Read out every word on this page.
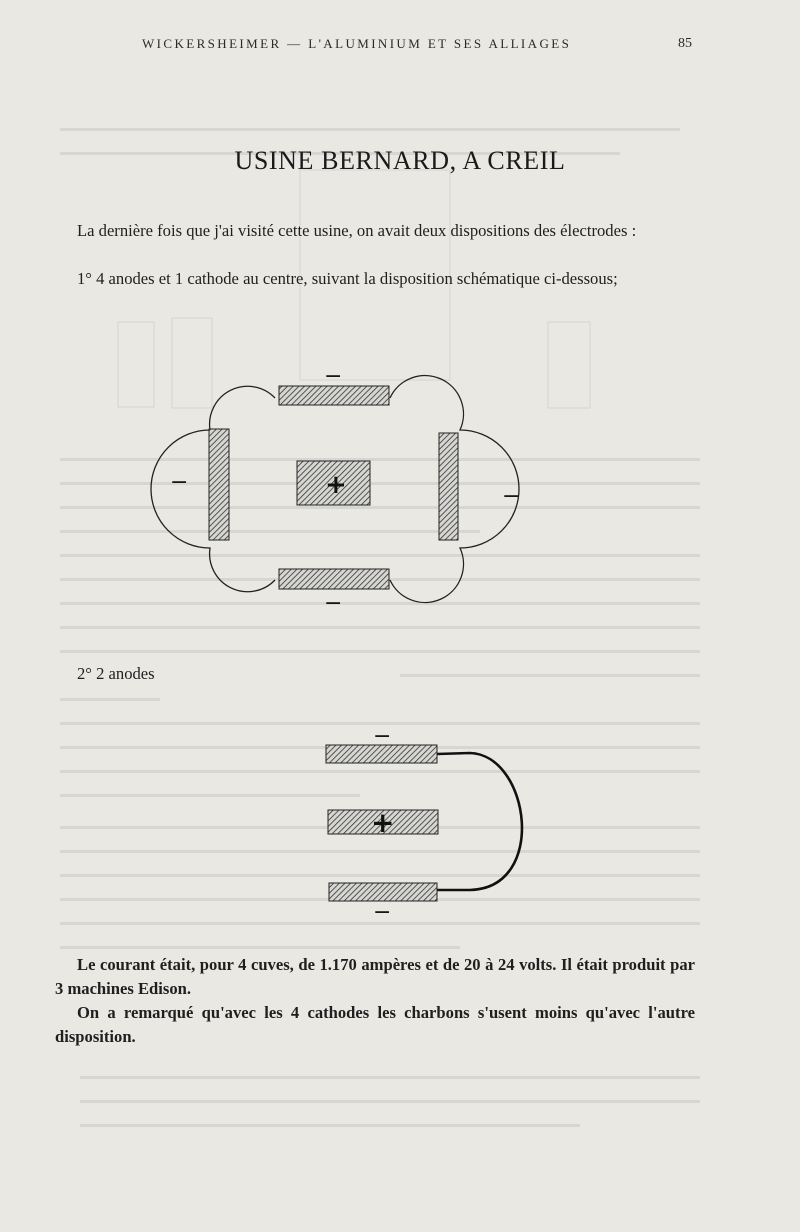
WICKERSHEIMER — L'ALUMINIUM ET SES ALLIAGES	85
USINE BERNARD, A CREIL

La dernière fois que j'ai visité cette usine, on avait deux dispositions des électrodes :

1° 4 anodes et 1 cathode au centre, suivant la disposition schématique ci-dessous;

−
−
−
−
+

2° 2 anodes

−
+
−

Le courant était, pour 4 cuves, de 1.170 ampères et de 20 à 24 volts. Il était produit par 3 machines Edison.

On a remarqué qu'avec les 4 cathodes les charbons s'usent moins qu'avec l'autre disposition.
